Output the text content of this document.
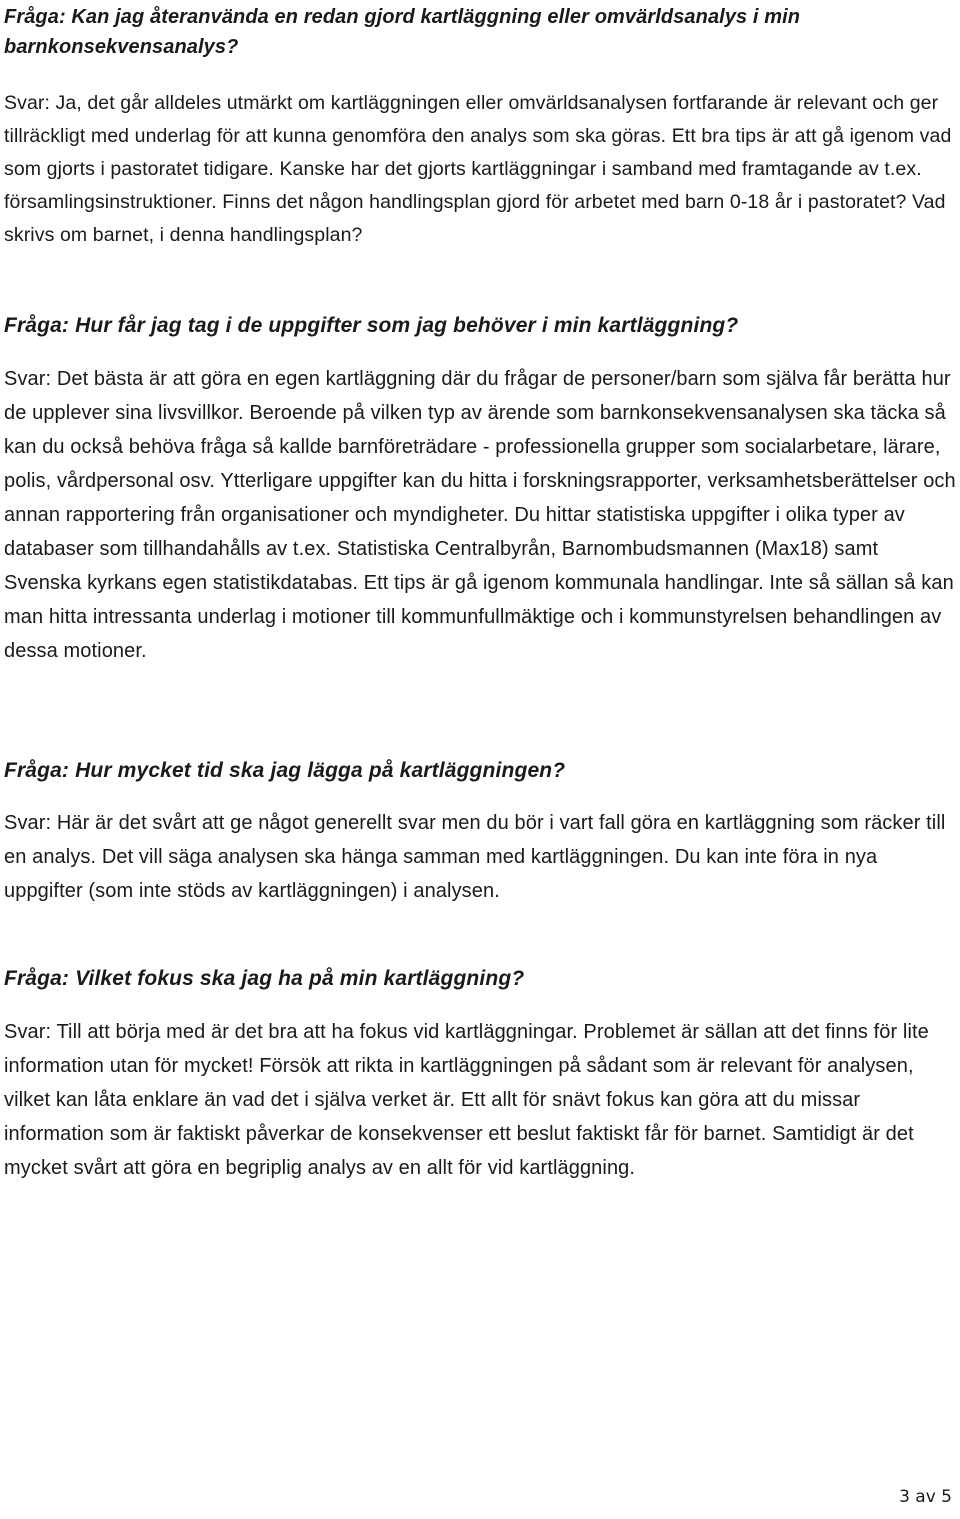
Fråga: Kan jag återanvända en redan gjord kartläggning eller omvärldsanalys i min barnkonsekvensanalys?

Svar: Ja, det går alldeles utmärkt om kartläggningen eller omvärldsanalysen fortfarande är relevant och ger tillräckligt med underlag för att kunna genomföra den analys som ska göras. Ett bra tips är att gå igenom vad som gjorts i pastoratet tidigare. Kanske har det gjorts kartläggningar i samband med framtagande av t.ex. församlingsinstruktioner. Finns det någon handlingsplan gjord för arbetet med barn 0-18 år i pastoratet? Vad skrivs om barnet, i denna handlingsplan?

Fråga: Hur får jag tag i de uppgifter som jag behöver i min kartläggning?

Svar: Det bästa är att göra en egen kartläggning där du frågar de personer/barn som själva får berätta hur de upplever sina livsvillkor. Beroende på vilken typ av ärende som barnkonsekvensanalysen ska täcka så kan du också behöva fråga så kallde barnföreträdare - professionella grupper som socialarbetare, lärare, polis, vårdpersonal osv. Ytterligare uppgifter kan du hitta i forskningsrapporter, verksamhetsberättelser och annan rapportering från organisationer och myndigheter. Du hittar statistiska uppgifter i olika typer av databaser som tillhandahålls av t.ex. Statistiska Centralbyrån, Barnombudsmannen (Max18) samt Svenska kyrkans egen statistikdatabas. Ett tips är gå igenom kommunala handlingar. Inte så sällan så kan man hitta intressanta underlag i motioner till kommunfullmäktige och i kommunstyrelsen behandlingen av dessa motioner.

Fråga: Hur mycket tid ska jag lägga på kartläggningen?

Svar: Här är det svårt att ge något generellt svar men du bör i vart fall göra en kartläggning som räcker till en analys. Det vill säga analysen ska hänga samman med kartläggningen. Du kan inte föra in nya uppgifter (som inte stöds av kartläggningen) i analysen.

Fråga: Vilket fokus ska jag ha på min kartläggning?

Svar: Till att börja med är det bra att ha fokus vid kartläggningar. Problemet är sällan att det finns för lite information utan för mycket! Försök att rikta in kartläggningen på sådant som är relevant för analysen, vilket kan låta enklare än vad det i själva verket är. Ett allt för snävt fokus kan göra att du missar information som är faktiskt påverkar de konsekvenser ett beslut faktiskt får för barnet. Samtidigt är det mycket svårt att göra en begriplig analys av en allt för vid kartläggning.

3 av 5
